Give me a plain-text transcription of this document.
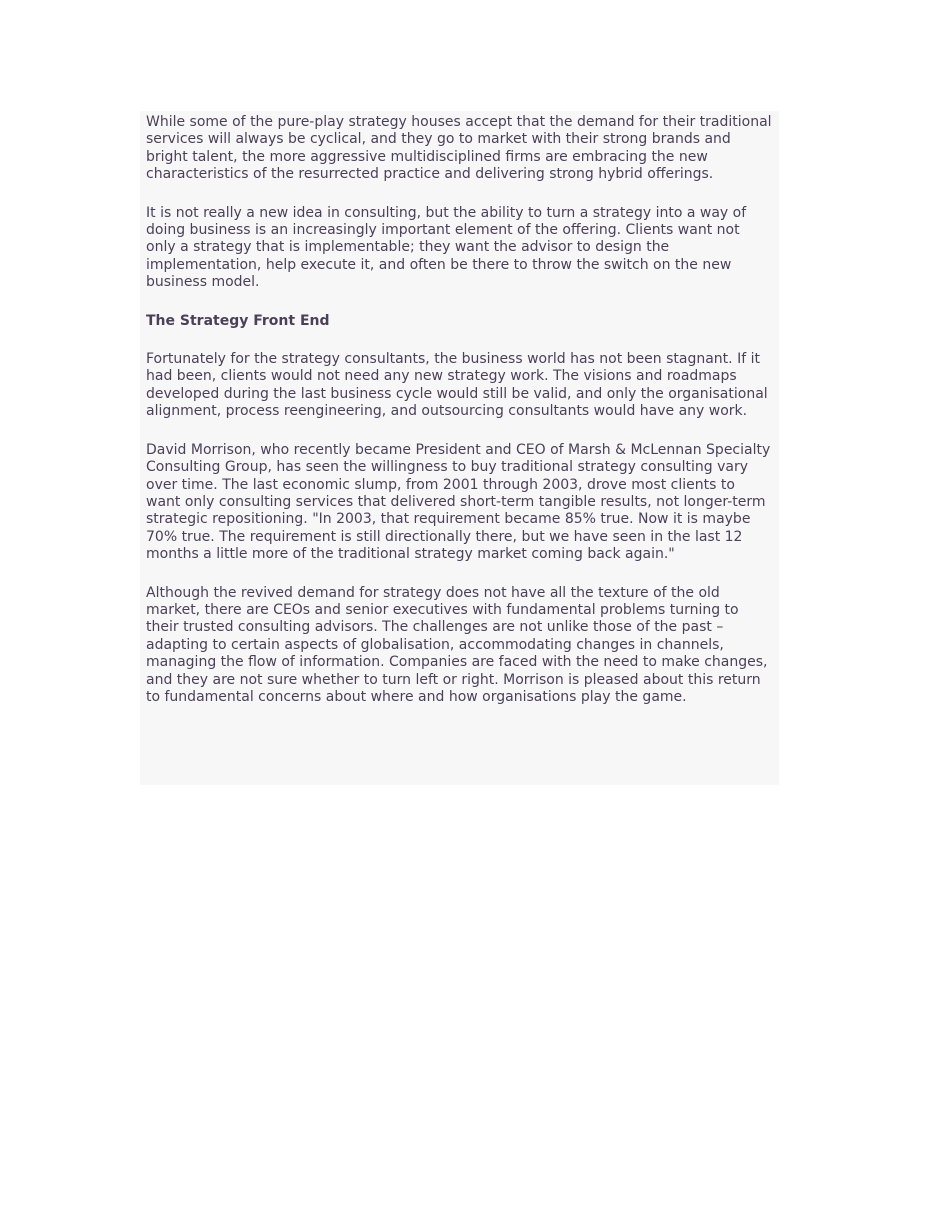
While some of the pure-play strategy houses accept that the demand for their traditional services will always be cyclical, and they go to market with their strong brands and bright talent, the more aggressive multidisciplined firms are embracing the new characteristics of the resurrected practice and delivering strong hybrid offerings.

It is not really a new idea in consulting, but the ability to turn a strategy into a way of doing business is an increasingly important element of the offering. Clients want not only a strategy that is implementable; they want the advisor to design the implementation, help execute it, and often be there to throw the switch on the new business model.

The Strategy Front End

Fortunately for the strategy consultants, the business world has not been stagnant. If it had been, clients would not need any new strategy work. The visions and roadmaps developed during the last business cycle would still be valid, and only the organisational alignment, process reengineering, and outsourcing consultants would have any work.

David Morrison, who recently became President and CEO of Marsh & McLennan Specialty Consulting Group, has seen the willingness to buy traditional strategy consulting vary over time. The last economic slump, from 2001 through 2003, drove most clients to want only consulting services that delivered short-term tangible results, not longer-term strategic repositioning. "In 2003, that requirement became 85% true. Now it is maybe 70% true. The requirement is still directionally there, but we have seen in the last 12 months a little more of the traditional strategy market coming back again."

Although the revived demand for strategy does not have all the texture of the old market, there are CEOs and senior executives with fundamental problems turning to their trusted consulting advisors. The challenges are not unlike those of the past – adapting to certain aspects of globalisation, accommodating changes in channels, managing the flow of information. Companies are faced with the need to make changes, and they are not sure whether to turn left or right. Morrison is pleased about this return to fundamental concerns about where and how organisations play the game.
